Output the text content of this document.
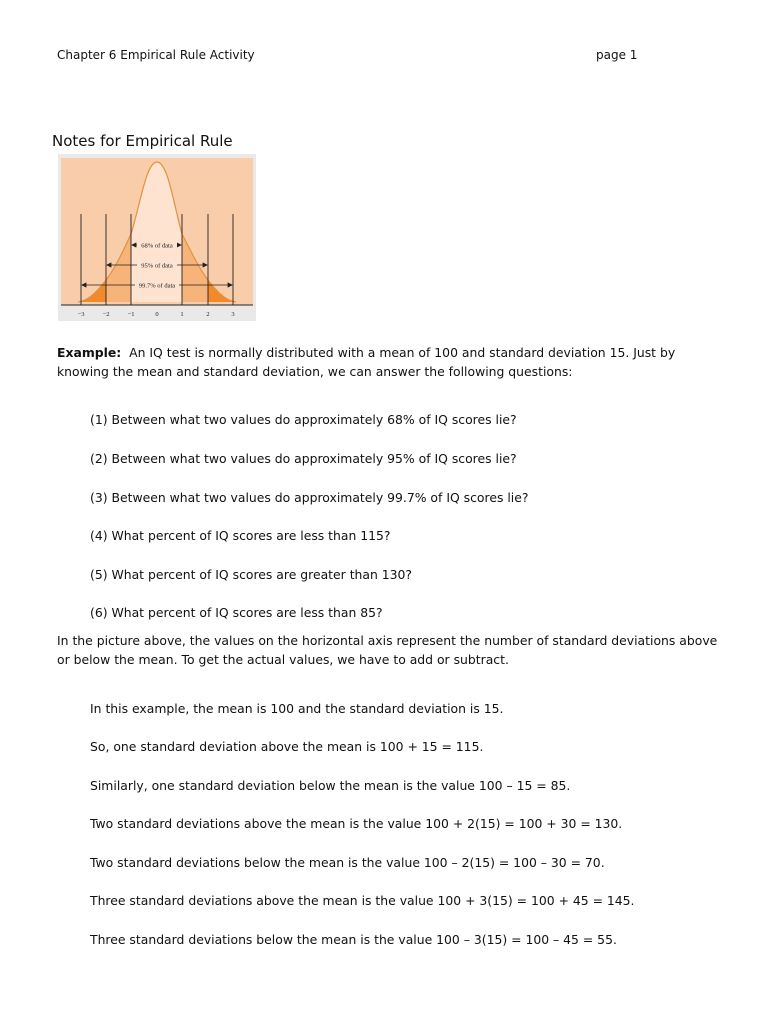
Chapter 6 Empirical Rule Activity	page 1

Notes for Empirical Rule

68% of data
95% of data
99.7% of data
−3	−2	−1	0	1	2	3

Example: An IQ test is normally distributed with a mean of 100 and standard deviation 15. Just by knowing the mean and standard deviation, we can answer the following questions:

(1) Between what two values do approximately 68% of IQ scores lie?

(2) Between what two values do approximately 95% of IQ scores lie?

(3) Between what two values do approximately 99.7% of IQ scores lie?

(4) What percent of IQ scores are less than 115?

(5) What percent of IQ scores are greater than 130?

(6) What percent of IQ scores are less than 85?

In the picture above, the values on the horizontal axis represent the number of standard deviations above or below the mean. To get the actual values, we have to add or subtract.

In this example, the mean is 100 and the standard deviation is 15.

So, one standard deviation above the mean is 100 + 15 = 115.

Similarly, one standard deviation below the mean is the value 100 – 15 = 85.

Two standard deviations above the mean is the value 100 + 2(15) = 100 + 30 = 130.

Two standard deviations below the mean is the value 100 – 2(15) = 100 – 30 = 70.

Three standard deviations above the mean is the value 100 + 3(15) = 100 + 45 = 145.

Three standard deviations below the mean is the value 100 – 3(15) = 100 – 45 = 55.
